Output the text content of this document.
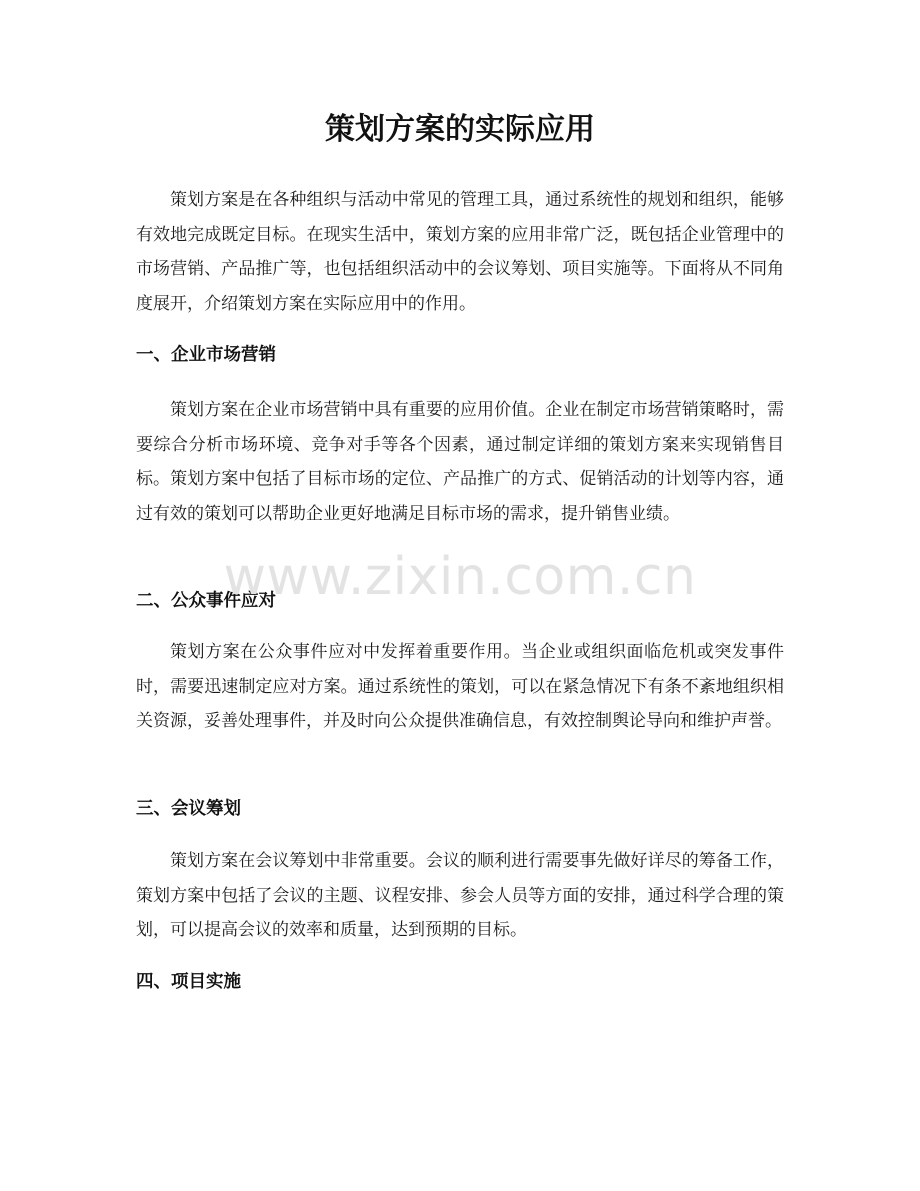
策划方案的实际应用

策划方案是在各种组织与活动中常见的管理工具，通过系统性的规划和组织，能够有效地完成既定目标。在现实生活中，策划方案的应用非常广泛，既包括企业管理中的市场营销、产品推广等，也包括组织活动中的会议筹划、项目实施等。下面将从不同角度展开，介绍策划方案在实际应用中的作用。

一、企业市场营销

策划方案在企业市场营销中具有重要的应用价值。企业在制定市场营销策略时，需要综合分析市场环境、竞争对手等各个因素，通过制定详细的策划方案来实现销售目标。策划方案中包括了目标市场的定位、产品推广的方式、促销活动的计划等内容，通过有效的策划可以帮助企业更好地满足目标市场的需求，提升销售业绩。

二、公众事件应对

策划方案在公众事件应对中发挥着重要作用。当企业或组织面临危机或突发事件时，需要迅速制定应对方案。通过系统性的策划，可以在紧急情况下有条不紊地组织相关资源，妥善处理事件，并及时向公众提供准确信息，有效控制舆论导向和维护声誉。

三、会议筹划

策划方案在会议筹划中非常重要。会议的顺利进行需要事先做好详尽的筹备工作，策划方案中包括了会议的主题、议程安排、参会人员等方面的安排，通过科学合理的策划，可以提高会议的效率和质量，达到预期的目标。

四、项目实施
www.zixin.com.cn
